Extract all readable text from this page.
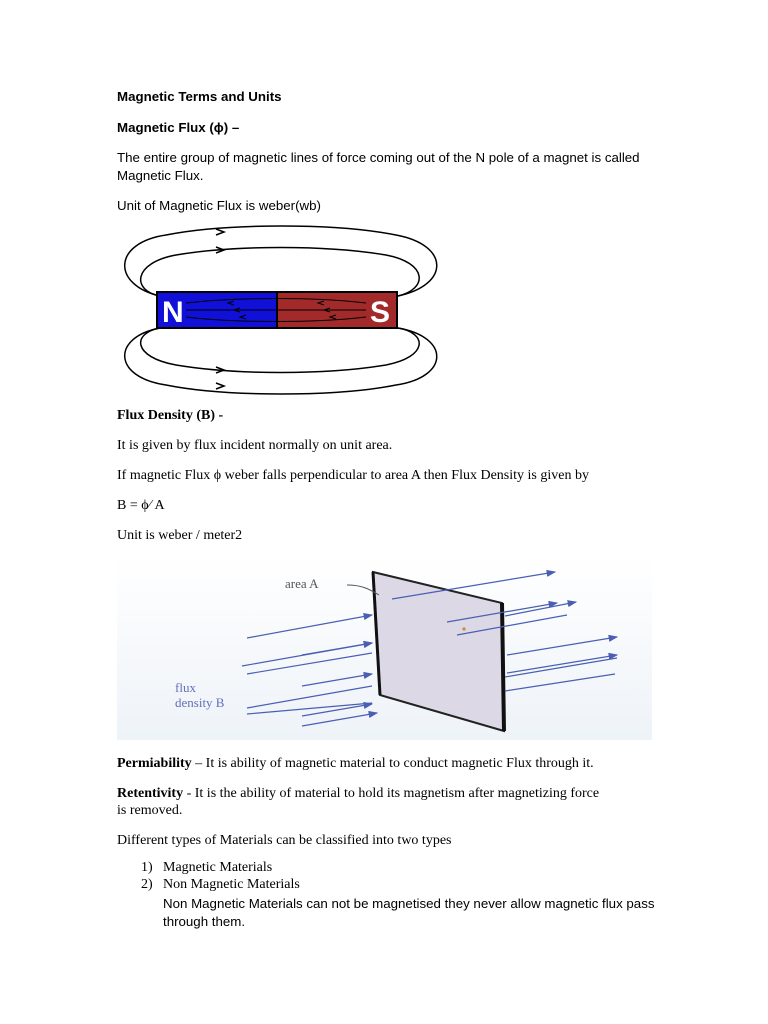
Magnetic Terms and Units
Magnetic Flux (ϕ) –
The entire group of magnetic lines of force coming out of the N pole of a magnet is called
Magnetic Flux.
Unit of Magnetic Flux is weber(wb)
N	S
Flux Density (B) -
It is given by flux incident normally on unit area.
If magnetic Flux ϕ weber falls perpendicular to area A then Flux Density is given by
B = ϕ⁄ A
Unit is weber / meter2
area A
flux
density B
Permiability – It is ability of magnetic material to conduct magnetic Flux through it.
Retentivity - It is the ability of material to hold its magnetism after magnetizing force
is removed.
Different types of Materials can be classified into two types
1) Magnetic Materials
2) Non Magnetic Materials
Non Magnetic Materials can not be magnetised they never allow magnetic flux pass
through them.
